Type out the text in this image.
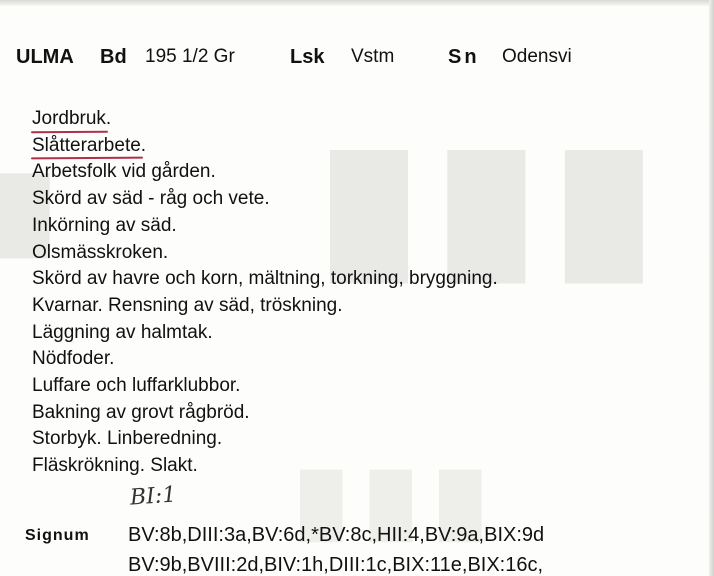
█ █ █
█
█ █ █
ULMA Bd 195 1/2 Gr	Lsk Vstm	Sn Odensvi
Jordbruk.
Slåtterarbete.
Arbetsfolk vid gården.
Skörd av säd - råg och vete.
Inkörning av säd.
Olsmässkroken.
Skörd av havre och korn, mältning, torkning, bryggning.
Kvarnar. Rensning av säd, tröskning.
Läggning av halmtak.
Nödfoder.
Luffare och luffarklubbor.
Bakning av grovt rågbröd.
Storbyk. Linberedning.
Fläskrökning. Slakt.
BI:1
Signum BV:8b,DIII:3a,BV:6d,*BV:8c,HII:4,BV:9a,BIX:9d
BV:9b,BVIII:2d,BIV:1h,DIII:1c,BIX:11e,BIX:16c,
